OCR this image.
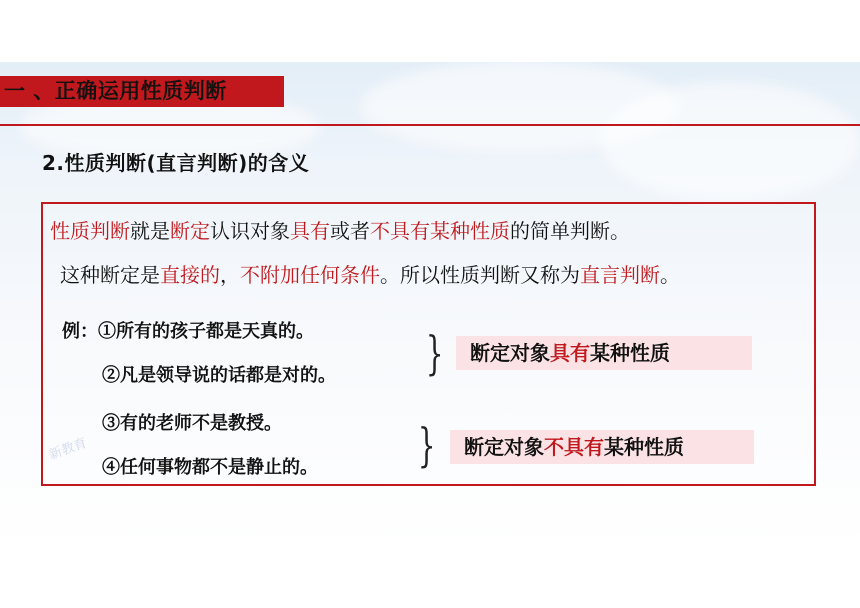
一 、正确运用性质判断
2.性质判断(直言判断)的含义
性质判断就是断定认识对象具有或者不具有某种性质的简单判断。
这种断定是直接的，不附加任何条件。所以性质判断又称为直言判断。
例：①所有的孩子都是天真的。
②凡是领导说的话都是对的。
③有的老师不是教授。
④任何事物都不是静止的。
}
}
断定对象具有某种性质
断定对象不具有某种性质
新教育
